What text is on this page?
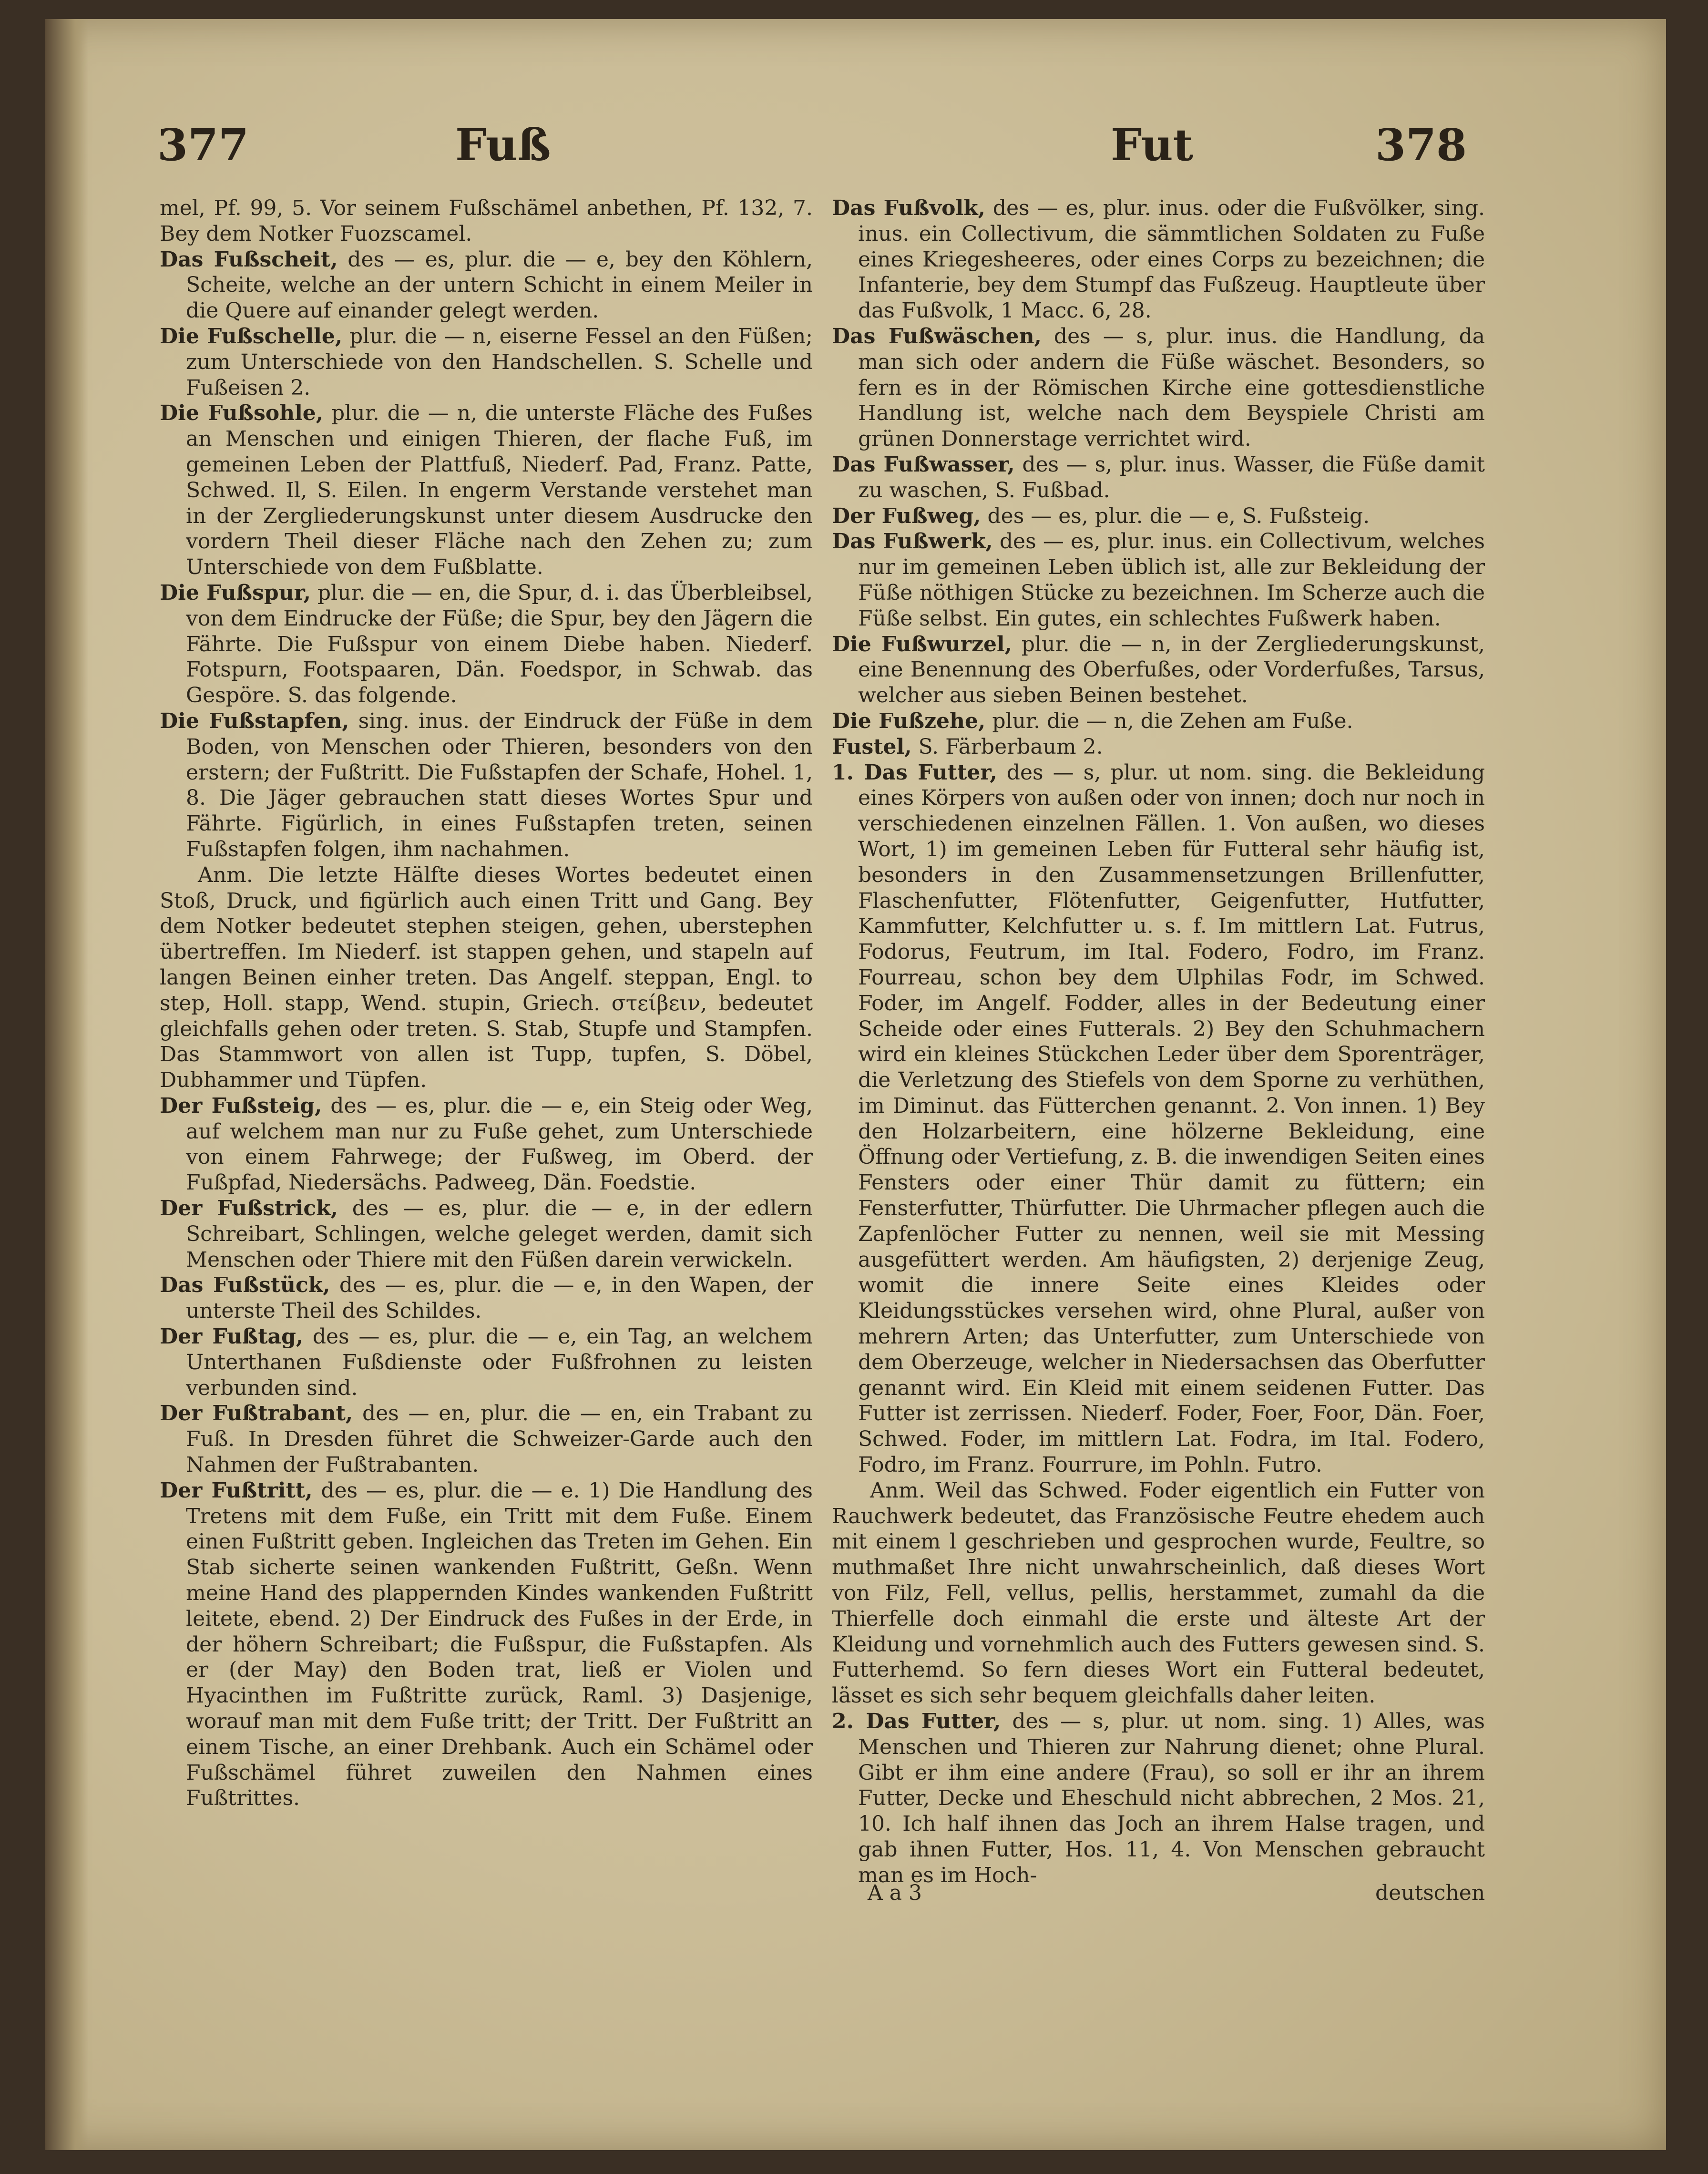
377	Fuß	Fut	378

mel, Pf. 99, 5. Vor seinem Fußschämel anbethen, Pf. 132, 7. Bey dem Notker Fuozscamel.

Das Fußscheit, des — es, plur. die — e, bey den Köhlern, Scheite, welche an der untern Schicht in einem Meiler in die Quere auf einander gelegt werden.

Die Fußschelle, plur. die — n, eiserne Fessel an den Füßen; zum Unterschiede von den Handschellen. S. Schelle und Fußeisen 2.

Die Fußsohle, plur. die — n, die unterste Fläche des Fußes an Menschen und einigen Thieren, der flache Fuß, im gemeinen Leben der Plattfuß, Niederf. Pad, Franz. Patte, Schwed. Il, S. Eilen. In engerm Verstande verstehet man in der Zergliederungskunst unter diesem Ausdrucke den vordern Theil dieser Fläche nach den Zehen zu; zum Unterschiede von dem Fußblatte.

Die Fußspur, plur. die — en, die Spur, d. i. das Überbleibsel, von dem Eindrucke der Füße; die Spur, bey den Jägern die Fährte. Die Fußspur von einem Diebe haben. Niederf. Fotspurn, Footspaaren, Dän. Foedspor, in Schwab. das Gespöre. S. das folgende.

Die Fußstapfen, sing. inus. der Eindruck der Füße in dem Boden, von Menschen oder Thieren, besonders von den erstern; der Fußtritt. Die Fußstapfen der Schafe, Hohel. 1, 8. Die Jäger gebrauchen statt dieses Wortes Spur und Fährte. Figürlich, in eines Fußstapfen treten, seinen Fußstapfen folgen, ihm nachahmen.

Anm. Die letzte Hälfte dieses Wortes bedeutet einen Stoß, Druck, und figürlich auch einen Tritt und Gang. Bey dem Notker bedeutet stephen steigen, gehen, uberstephen übertreffen. Im Niederf. ist stappen gehen, und stapeln auf langen Beinen einher treten. Das Angelf. steppan, Engl. to step, Holl. stapp, Wend. stupin, Griech. στείβειν, bedeutet gleichfalls gehen oder treten. S. Stab, Stupfe und Stampfen. Das Stammwort von allen ist Tupp, tupfen, S. Döbel, Dubhammer und Tüpfen.

Der Fußsteig, des — es, plur. die — e, ein Steig oder Weg, auf welchem man nur zu Fuße gehet, zum Unterschiede von einem Fahrwege; der Fußweg, im Oberd. der Fußpfad, Niedersächs. Padweeg, Dän. Foedstie.

Der Fußstrick, des — es, plur. die — e, in der edlern Schreibart, Schlingen, welche geleget werden, damit sich Menschen oder Thiere mit den Füßen darein verwickeln.

Das Fußstück, des — es, plur. die — e, in den Wapen, der unterste Theil des Schildes.

Der Fußtag, des — es, plur. die — e, ein Tag, an welchem Unterthanen Fußdienste oder Fußfrohnen zu leisten verbunden sind.

Der Fußtrabant, des — en, plur. die — en, ein Trabant zu Fuß. In Dresden führet die Schweizer-Garde auch den Nahmen der Fußtrabanten.

Der Fußtritt, des — es, plur. die — e. 1) Die Handlung des Tretens mit dem Fuße, ein Tritt mit dem Fuße. Einem einen Fußtritt geben. Ingleichen das Treten im Gehen. Ein Stab sicherte seinen wankenden Fußtritt, Geßn. Wenn meine Hand des plappernden Kindes wankenden Fußtritt leitete, ebend. 2) Der Eindruck des Fußes in der Erde, in der höhern Schreibart; die Fußspur, die Fußstapfen. Als er (der May) den Boden trat, ließ er Violen und Hyacinthen im Fußtritte zurück, Raml. 3) Dasjenige, worauf man mit dem Fuße tritt; der Tritt. Der Fußtritt an einem Tische, an einer Drehbank. Auch ein Schämel oder Fußschämel führet zuweilen den Nahmen eines Fußtrittes.

Das Fußvolk, des — es, plur. inus. oder die Fußvölker, sing. inus. ein Collectivum, die sämmtlichen Soldaten zu Fuße eines Kriegesheeres, oder eines Corps zu bezeichnen; die Infanterie, bey dem Stumpf das Fußzeug. Hauptleute über das Fußvolk, 1 Macc. 6, 28.

Das Fußwäschen, des — s, plur. inus. die Handlung, da man sich oder andern die Füße wäschet. Besonders, so fern es in der Römischen Kirche eine gottesdienstliche Handlung ist, welche nach dem Beyspiele Christi am grünen Donnerstage verrichtet wird.

Das Fußwasser, des — s, plur. inus. Wasser, die Füße damit zu waschen, S. Fußbad.

Der Fußweg, des — es, plur. die — e, S. Fußsteig.

Das Fußwerk, des — es, plur. inus. ein Collectivum, welches nur im gemeinen Leben üblich ist, alle zur Bekleidung der Füße nöthigen Stücke zu bezeichnen. Im Scherze auch die Füße selbst. Ein gutes, ein schlechtes Fußwerk haben.

Die Fußwurzel, plur. die — n, in der Zergliederungskunst, eine Benennung des Oberfußes, oder Vorderfußes, Tarsus, welcher aus sieben Beinen bestehet.

Die Fußzehe, plur. die — n, die Zehen am Fuße.

Fustel, S. Färberbaum 2.

1. Das Futter, des — s, plur. ut nom. sing. die Bekleidung eines Körpers von außen oder von innen; doch nur noch in verschiedenen einzelnen Fällen. 1. Von außen, wo dieses Wort, 1) im gemeinen Leben für Futteral sehr häufig ist, besonders in den Zusammensetzungen Brillenfutter, Flaschenfutter, Flötenfutter, Geigenfutter, Hutfutter, Kammfutter, Kelchfutter u. s. f. Im mittlern Lat. Futrus, Fodorus, Feutrum, im Ital. Fodero, Fodro, im Franz. Fourreau, schon bey dem Ulphilas Fodr, im Schwed. Foder, im Angelf. Fodder, alles in der Bedeutung einer Scheide oder eines Futterals. 2) Bey den Schuhmachern wird ein kleines Stückchen Leder über dem Sporenträger, die Verletzung des Stiefels von dem Sporne zu verhüthen, im Diminut. das Fütterchen genannt. 2. Von innen. 1) Bey den Holzarbeitern, eine hölzerne Bekleidung, eine Öffnung oder Vertiefung, z. B. die inwendigen Seiten eines Fensters oder einer Thür damit zu füttern; ein Fensterfutter, Thürfutter. Die Uhrmacher pflegen auch die Zapfenlöcher Futter zu nennen, weil sie mit Messing ausgefüttert werden. Am häufigsten, 2) derjenige Zeug, womit die innere Seite eines Kleides oder Kleidungsstückes versehen wird, ohne Plural, außer von mehrern Arten; das Unterfutter, zum Unterschiede von dem Oberzeuge, welcher in Niedersachsen das Oberfutter genannt wird. Ein Kleid mit einem seidenen Futter. Das Futter ist zerrissen. Niederf. Foder, Foer, Foor, Dän. Foer, Schwed. Foder, im mittlern Lat. Fodra, im Ital. Fodero, Fodro, im Franz. Fourrure, im Pohln. Futro.

Anm. Weil das Schwed. Foder eigentlich ein Futter von Rauchwerk bedeutet, das Französische Feutre ehedem auch mit einem l geschrieben und gesprochen wurde, Feultre, so muthmaßet Ihre nicht unwahrscheinlich, daß dieses Wort von Filz, Fell, vellus, pellis, herstammet, zumahl da die Thierfelle doch einmahl die erste und älteste Art der Kleidung und vornehmlich auch des Futters gewesen sind. S. Futterhemd. So fern dieses Wort ein Futteral bedeutet, lässet es sich sehr bequem gleichfalls daher leiten.

2. Das Futter, des — s, plur. ut nom. sing. 1) Alles, was Menschen und Thieren zur Nahrung dienet; ohne Plural. Gibt er ihm eine andere (Frau), so soll er ihr an ihrem Futter, Decke und Eheschuld nicht abbrechen, 2 Mos. 21, 10. Ich half ihnen das Joch an ihrem Halse tragen, und gab ihnen Futter, Hos. 11, 4. Von Menschen gebraucht man es im Hoch-

A a 3	deutschen
